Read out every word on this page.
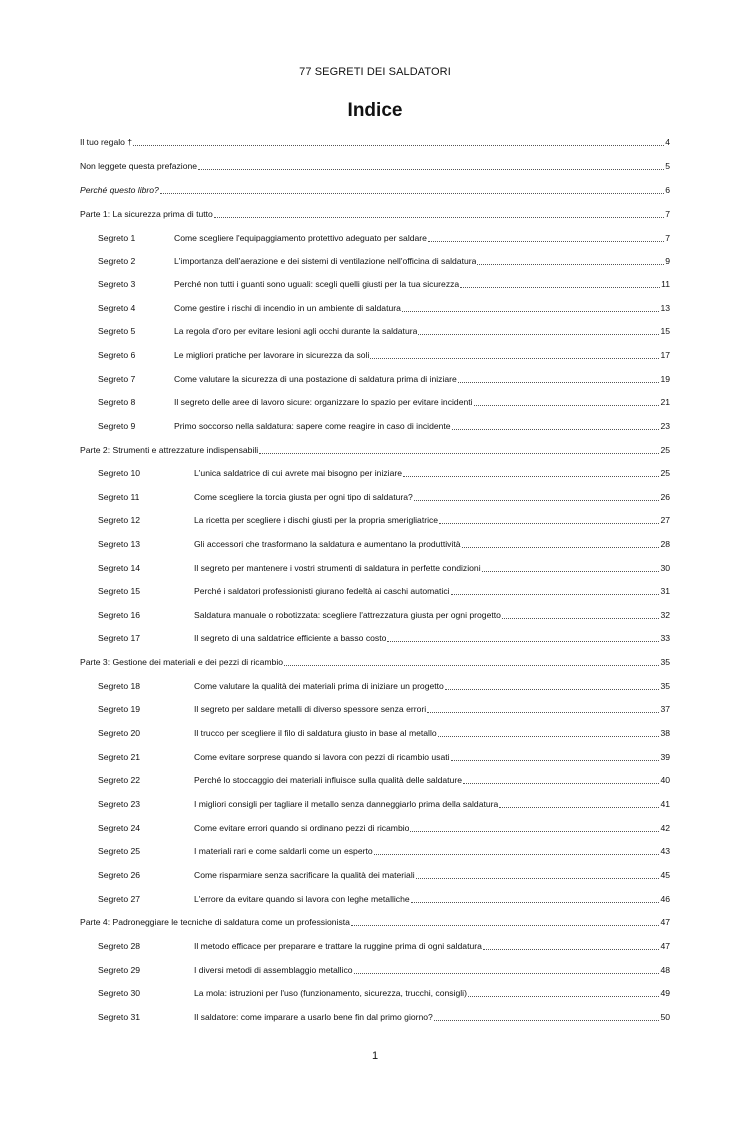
77 SEGRETI DEI SALDATORI
Indice
Il tuo regalo †	4
Non leggete questa prefazione	5
Perché questo libro?	6
Parte 1: La sicurezza prima di tutto	7
Segreto 1	Come scegliere l'equipaggiamento protettivo adeguato per saldare	7
Segreto 2	L'importanza dell'aerazione e dei sistemi di ventilazione nell'officina di saldatura	9
Segreto 3	Perché non tutti i guanti sono uguali: scegli quelli giusti per la tua sicurezza	11
Segreto 4	Come gestire i rischi di incendio in un ambiente di saldatura	13
Segreto 5	La regola d'oro per evitare lesioni agli occhi durante la saldatura	15
Segreto 6	Le migliori pratiche per lavorare in sicurezza da soli	17
Segreto 7	Come valutare la sicurezza di una postazione di saldatura prima di iniziare	19
Segreto 8	Il segreto delle aree di lavoro sicure: organizzare lo spazio per evitare incidenti	21
Segreto 9	Primo soccorso nella saldatura: sapere come reagire in caso di incidente	23
Parte 2: Strumenti e attrezzature indispensabili	25
Segreto 10	L'unica saldatrice di cui avrete mai bisogno per iniziare	25
Segreto 11	Come scegliere la torcia giusta per ogni tipo di saldatura?	26
Segreto 12	La ricetta per scegliere i dischi giusti per la propria smerigliatrice	27
Segreto 13	Gli accessori che trasformano la saldatura e aumentano la produttività	28
Segreto 14	Il segreto per mantenere i vostri strumenti di saldatura in perfette condizioni	30
Segreto 15	Perché i saldatori professionisti giurano fedeltà ai caschi automatici	31
Segreto 16	Saldatura manuale o robotizzata: scegliere l'attrezzatura giusta per ogni progetto	32
Segreto 17	Il segreto di una saldatrice efficiente a basso costo	33
Parte 3: Gestione dei materiali e dei pezzi di ricambio	35
Segreto 18	Come valutare la qualità dei materiali prima di iniziare un progetto	35
Segreto 19	Il segreto per saldare metalli di diverso spessore senza errori	37
Segreto 20	Il trucco per scegliere il filo di saldatura giusto in base al metallo	38
Segreto 21	Come evitare sorprese quando si lavora con pezzi di ricambio usati	39
Segreto 22	Perché lo stoccaggio dei materiali influisce sulla qualità delle saldature	40
Segreto 23	I migliori consigli per tagliare il metallo senza danneggiarlo prima della saldatura	41
Segreto 24	Come evitare errori quando si ordinano pezzi di ricambio	42
Segreto 25	I materiali rari e come saldarli come un esperto	43
Segreto 26	Come risparmiare senza sacrificare la qualità dei materiali	45
Segreto 27	L'errore da evitare quando si lavora con leghe metalliche	46
Parte 4: Padroneggiare le tecniche di saldatura come un professionista	47
Segreto 28	Il metodo efficace per preparare e trattare la ruggine prima di ogni saldatura	47
Segreto 29	I diversi metodi di assemblaggio metallico	48
Segreto 30	La mola: istruzioni per l'uso (funzionamento, sicurezza, trucchi, consigli)	49
Segreto 31	Il saldatore: come imparare a usarlo bene fin dal primo giorno?	50
1
